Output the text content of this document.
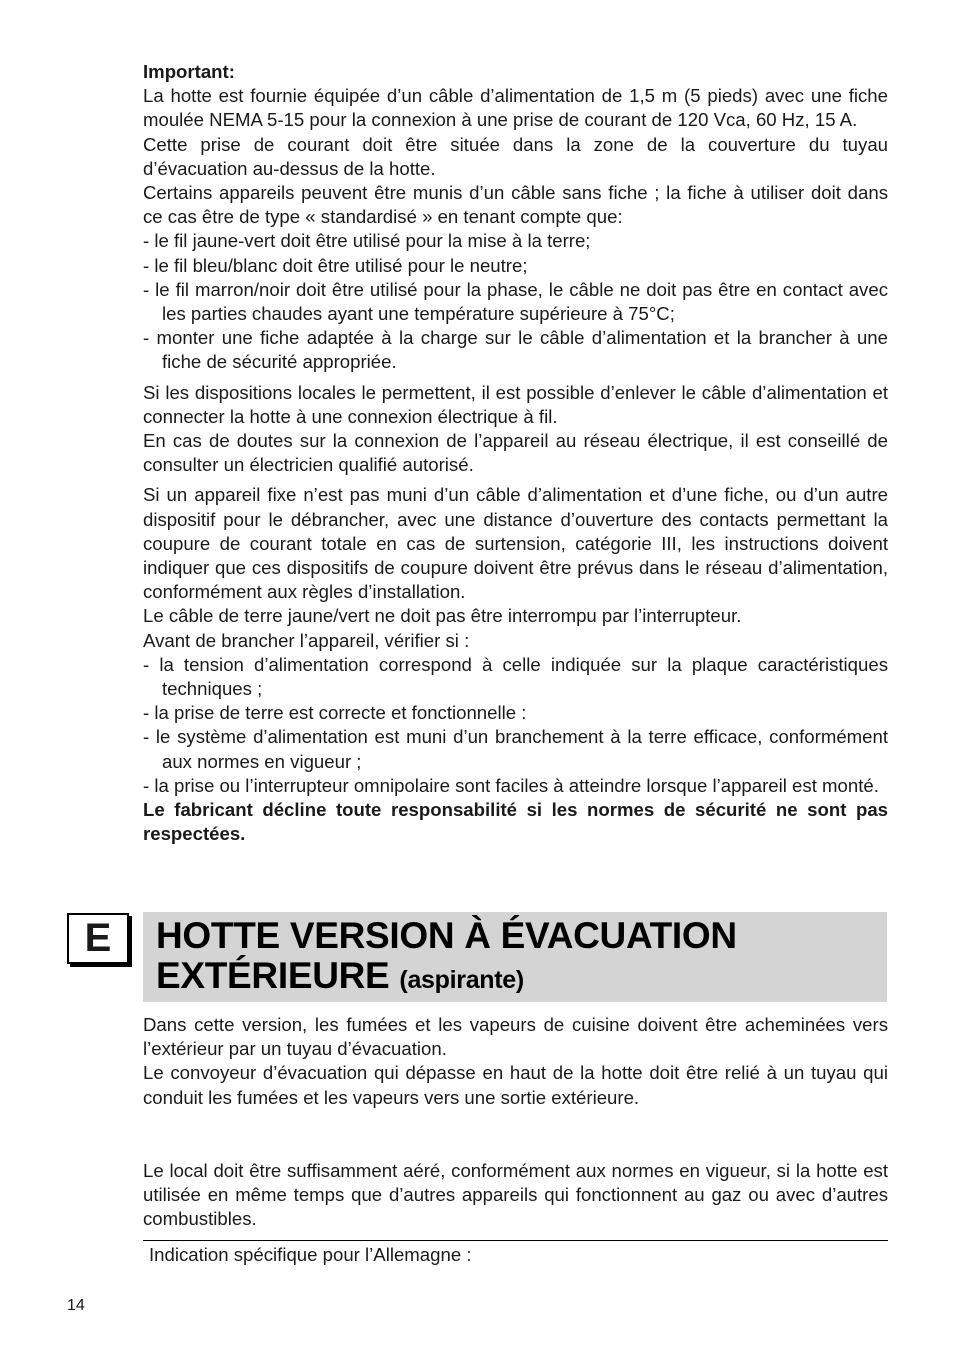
Important:

La hotte est fournie équipée d’un câble d’alimentation de 1,5 m (5 pieds) avec une fiche moulée NEMA 5-15 pour la connexion à une prise de courant de 120 Vca, 60 Hz, 15 A.

Cette prise de courant doit être située dans la zone de la couverture du tuyau d’évacuation au-dessus de la hotte.

Certains appareils peuvent être munis d’un câble sans fiche ; la fiche à utiliser doit dans ce cas être de type « standardisé » en tenant compte que:

- le fil jaune-vert doit être utilisé pour la mise à la terre;

- le fil bleu/blanc doit être utilisé pour le neutre;

- le fil marron/noir doit être utilisé pour la phase, le câble ne doit pas être en contact avec les parties chaudes ayant une température supérieure à 75°C;

- monter une fiche adaptée à la charge sur le câble d’alimentation et la brancher à une fiche de sécurité appropriée.

Si les dispositions locales le permettent, il est possible d’enlever le câble d’alimentation et connecter la hotte à une connexion électrique à fil.

En cas de doutes sur la connexion de l’appareil au réseau électrique, il est conseillé de consulter un électricien qualifié autorisé.

Si un appareil fixe n’est pas muni d’un câble d’alimentation et d’une fiche, ou d’un autre dispositif pour le débrancher, avec une distance d’ouverture des contacts permettant la coupure de courant totale en cas de surtension, catégorie III, les instructions doivent indiquer que ces dispositifs de coupure doivent être prévus dans le réseau d’alimentation, conformément aux règles d’installation.

Le câble de terre jaune/vert ne doit pas être interrompu par l’interrupteur.

Avant de brancher l’appareil, vérifier si :

- la tension d’alimentation correspond à celle indiquée sur la plaque caractéristiques techniques ;

- la prise de terre est correcte et fonctionnelle :

- le système d’alimentation est muni d’un branchement à la terre efficace, conformément aux normes en vigueur ;

- la prise ou l’interrupteur omnipolaire sont faciles à atteindre lorsque l’appareil est monté.

Le fabricant décline toute responsabilité si les normes de sécurité ne sont pas respectées.

E	HOTTE VERSION À ÉVACUATION EXTÉRIEURE (aspirante)

Dans cette version, les fumées et les vapeurs de cuisine doivent être acheminées vers l’extérieur par un tuyau d’évacuation.

Le convoyeur d’évacuation qui dépasse en haut de la hotte doit être relié à un tuyau qui conduit les fumées et les vapeurs vers une sortie extérieure.

Le local doit être suffisamment aéré, conformément aux normes en vigueur, si la hotte est utilisée en même temps que d’autres appareils qui fonctionnent au gaz ou avec d’autres combustibles.

Indication spécifique pour l’Allemagne :
14
